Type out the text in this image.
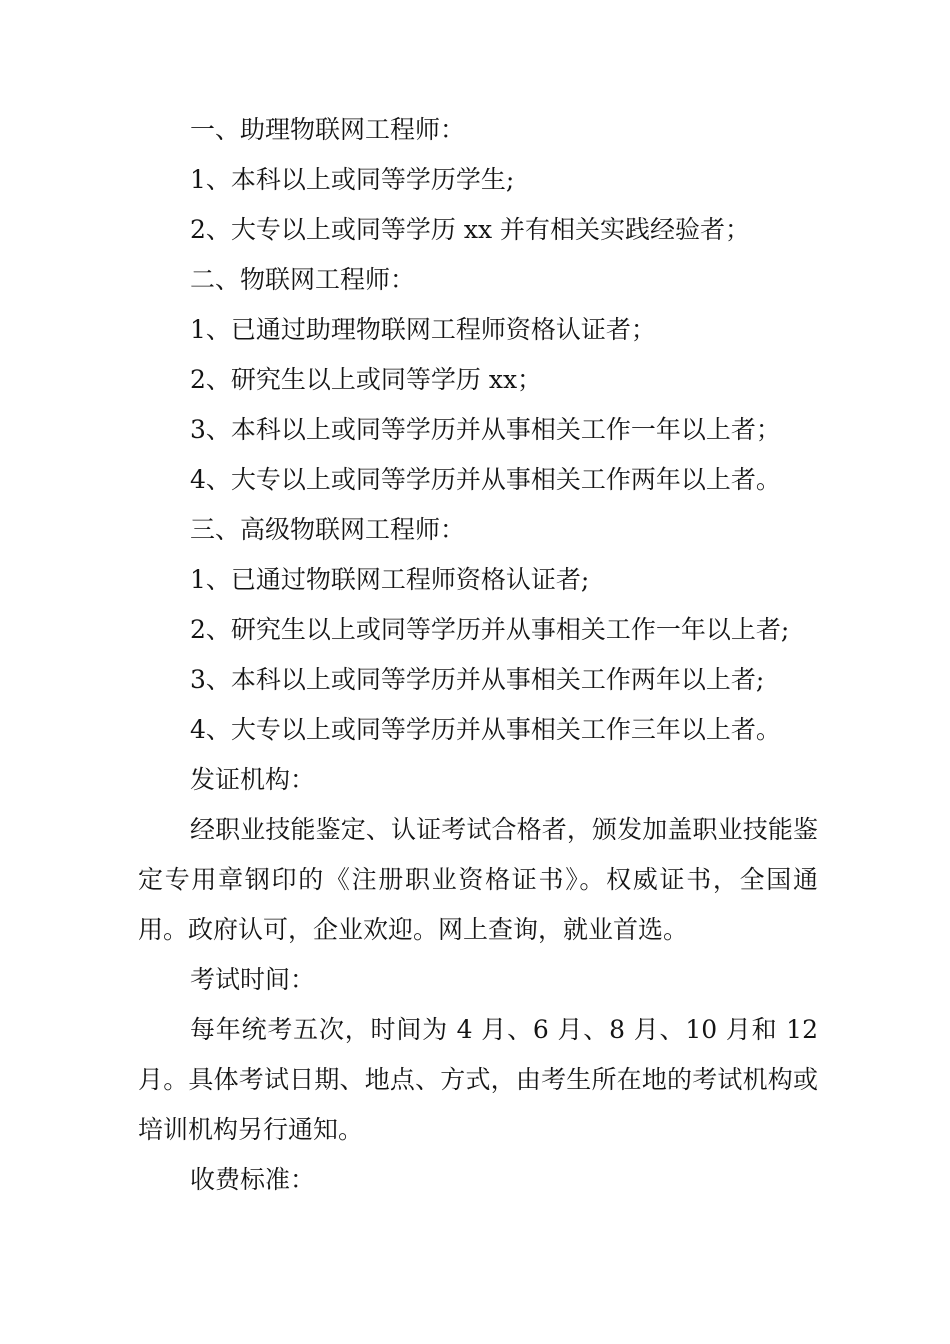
一、助理物联网工程师：
1、本科以上或同等学历学生;
2、大专以上或同等学历 xx 并有相关实践经验者；
二、物联网工程师：
1、已通过助理物联网工程师资格认证者；
2、研究生以上或同等学历 xx；
3、本科以上或同等学历并从事相关工作一年以上者；
4、大专以上或同等学历并从事相关工作两年以上者。
三、高级物联网工程师：
1、已通过物联网工程师资格认证者;
2、研究生以上或同等学历并从事相关工作一年以上者;
3、本科以上或同等学历并从事相关工作两年以上者;
4、大专以上或同等学历并从事相关工作三年以上者。
发证机构：

经职业技能鉴定、认证考试合格者，颁发加盖职业技能鉴定专用章钢印的《注册职业资格证书》。权威证书，全国通用。政府认可，企业欢迎。网上查询，就业首选。

考试时间：

每年统考五次，时间为 4 月、6 月、8 月、10 月和 12 月。具体考试日期、地点、方式，由考生所在地的考试机构或培训机构另行通知。

收费标准：
